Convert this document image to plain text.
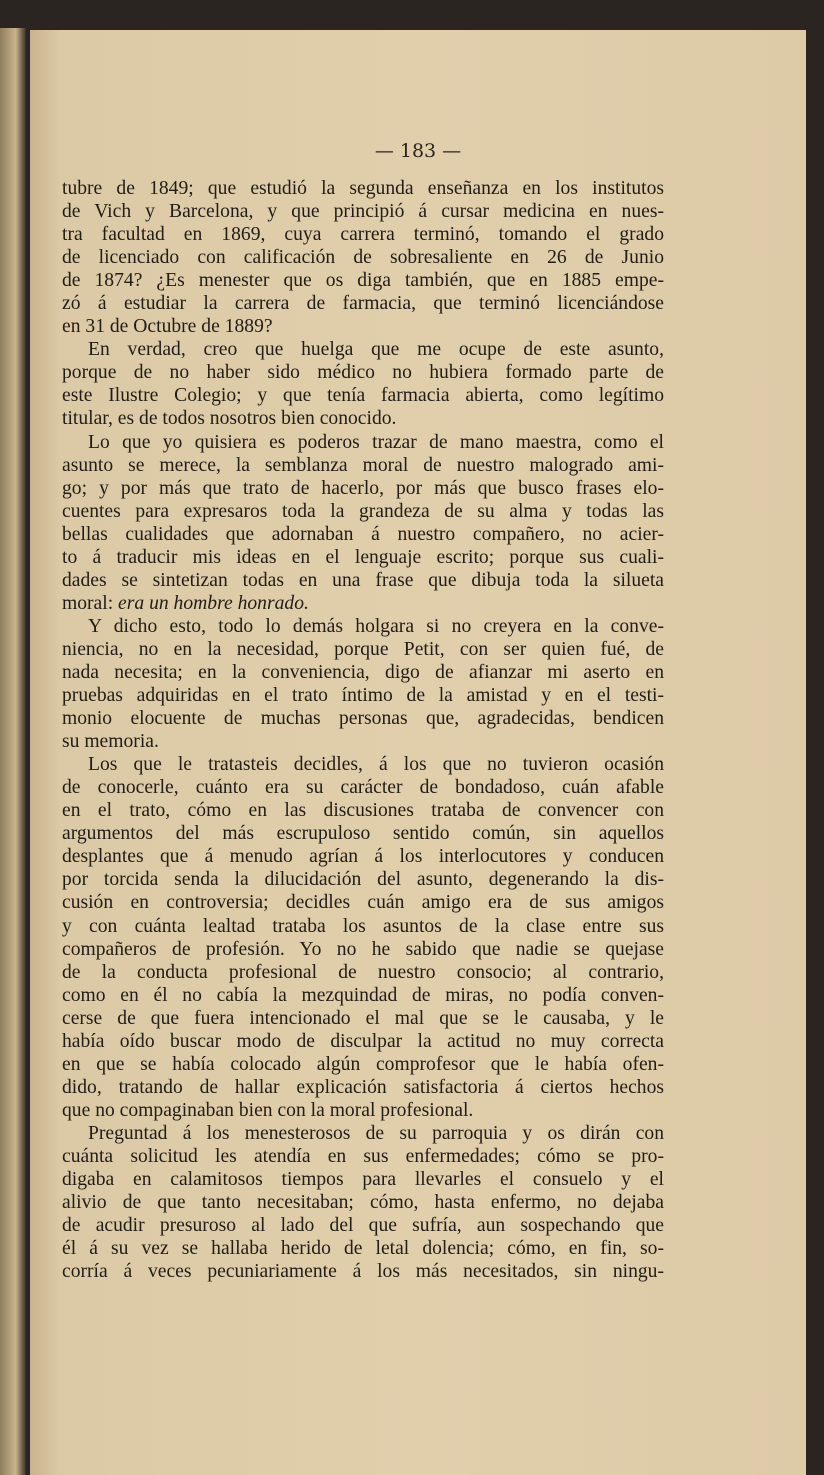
— 183 —

tubre de 1849; que estudió la segunda enseñanza en los institutos

de Vich y Barcelona, y que principió á cursar medicina en nues-

tra facultad en 1869, cuya carrera terminó, tomando el grado

de licenciado con calificación de sobresaliente en 26 de Junio

de 1874? ¿Es menester que os diga también, que en 1885 empe-

zó á estudiar la carrera de farmacia, que terminó licenciándose

en 31 de Octubre de 1889?

En verdad, creo que huelga que me ocupe de este asunto,

porque de no haber sido médico no hubiera formado parte de

este Ilustre Colegio; y que tenía farmacia abierta, como legítimo

titular, es de todos nosotros bien conocido.

Lo que yo quisiera es poderos trazar de mano maestra, como el

asunto se merece, la semblanza moral de nuestro malogrado ami-

go; y por más que trato de hacerlo, por más que busco frases elo-

cuentes para expresaros toda la grandeza de su alma y todas las

bellas cualidades que adornaban á nuestro compañero, no acier-

to á traducir mis ideas en el lenguaje escrito; porque sus cuali-

dades se sintetizan todas en una frase que dibuja toda la silueta

moral: era un hombre honrado.

Y dicho esto, todo lo demás holgara si no creyera en la conve-

niencia, no en la necesidad, porque Petit, con ser quien fué, de

nada necesita; en la conveniencia, digo de afianzar mi aserto en

pruebas adquiridas en el trato íntimo de la amistad y en el testi-

monio elocuente de muchas personas que, agradecidas, bendicen

su memoria.

Los que le tratasteis decidles, á los que no tuvieron ocasión

de conocerle, cuánto era su carácter de bondadoso, cuán afable

en el trato, cómo en las discusiones trataba de convencer con

argumentos del más escrupuloso sentido común, sin aquellos

desplantes que á menudo agrían á los interlocutores y conducen

por torcida senda la dilucidación del asunto, degenerando la dis-

cusión en controversia; decidles cuán amigo era de sus amigos

y con cuánta lealtad trataba los asuntos de la clase entre sus

compañeros de profesión. Yo no he sabido que nadie se quejase

de la conducta profesional de nuestro consocio; al contrario,

como en él no cabía la mezquindad de miras, no podía conven-

cerse de que fuera intencionado el mal que se le causaba, y le

había oído buscar modo de disculpar la actitud no muy correcta

en que se había colocado algún comprofesor que le había ofen-

dido, tratando de hallar explicación satisfactoria á ciertos hechos

que no compaginaban bien con la moral profesional.

Preguntad á los menesterosos de su parroquia y os dirán con

cuánta solicitud les atendía en sus enfermedades; cómo se pro-

digaba en calamitosos tiempos para llevarles el consuelo y el

alivio de que tanto necesitaban; cómo, hasta enfermo, no dejaba

de acudir presuroso al lado del que sufría, aun sospechando que

él á su vez se hallaba herido de letal dolencia; cómo, en fin, so-

corría á veces pecuniariamente á los más necesitados, sin ningu-
